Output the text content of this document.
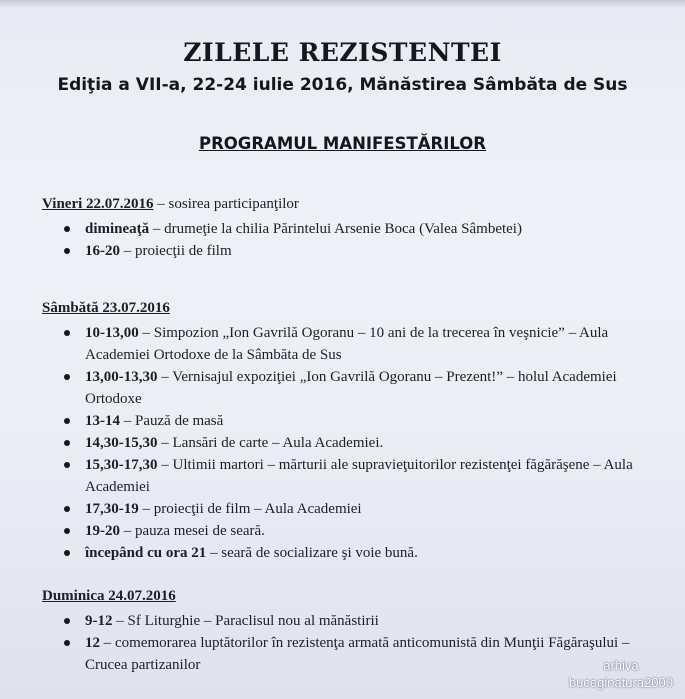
ZILELE REZISTENTEI
Ediţia a VII-a, 22-24 iulie 2016, Mănăstirea Sâmbăta de Sus
PROGRAMUL MANIFESTĂRILOR
Vineri 22.07.2016 – sosirea participanţilor
dimineaţă – drumeţie la chilia Părintelui Arsenie Boca (Valea Sâmbetei)
16-20 – proiecţii de film
Sâmbătă 23.07.2016
10-13,00 – Simpozion „Ion Gavrilă Ogoranu – 10 ani de la trecerea în veşnicie” – Aula Academiei Ortodoxe de la Sâmbăta de Sus
13,00-13,30 – Vernisajul expoziţiei „Ion Gavrilă Ogoranu – Prezent!” – holul Academiei Ortodoxe
13-14 – Pauză de masă
14,30-15,30 – Lansări de carte – Aula Academiei.
15,30-17,30 – Ultimii martori – mărturii ale supravieţuitorilor rezistenţei făgărăşene – Aula Academiei
17,30-19 – proiecţii de film – Aula Academiei
19-20 – pauza mesei de seară.
începând cu ora 21 – seară de socializare şi voie bună.
Duminica 24.07.2016
9-12 – Sf Liturghie – Paraclisul nou al mănăstirii
12 – comemorarea luptătorilor în rezistenţa armată anticomunistă din Munţii Făgăraşului – Crucea partizanilor	arhiva
buceginatura2000
